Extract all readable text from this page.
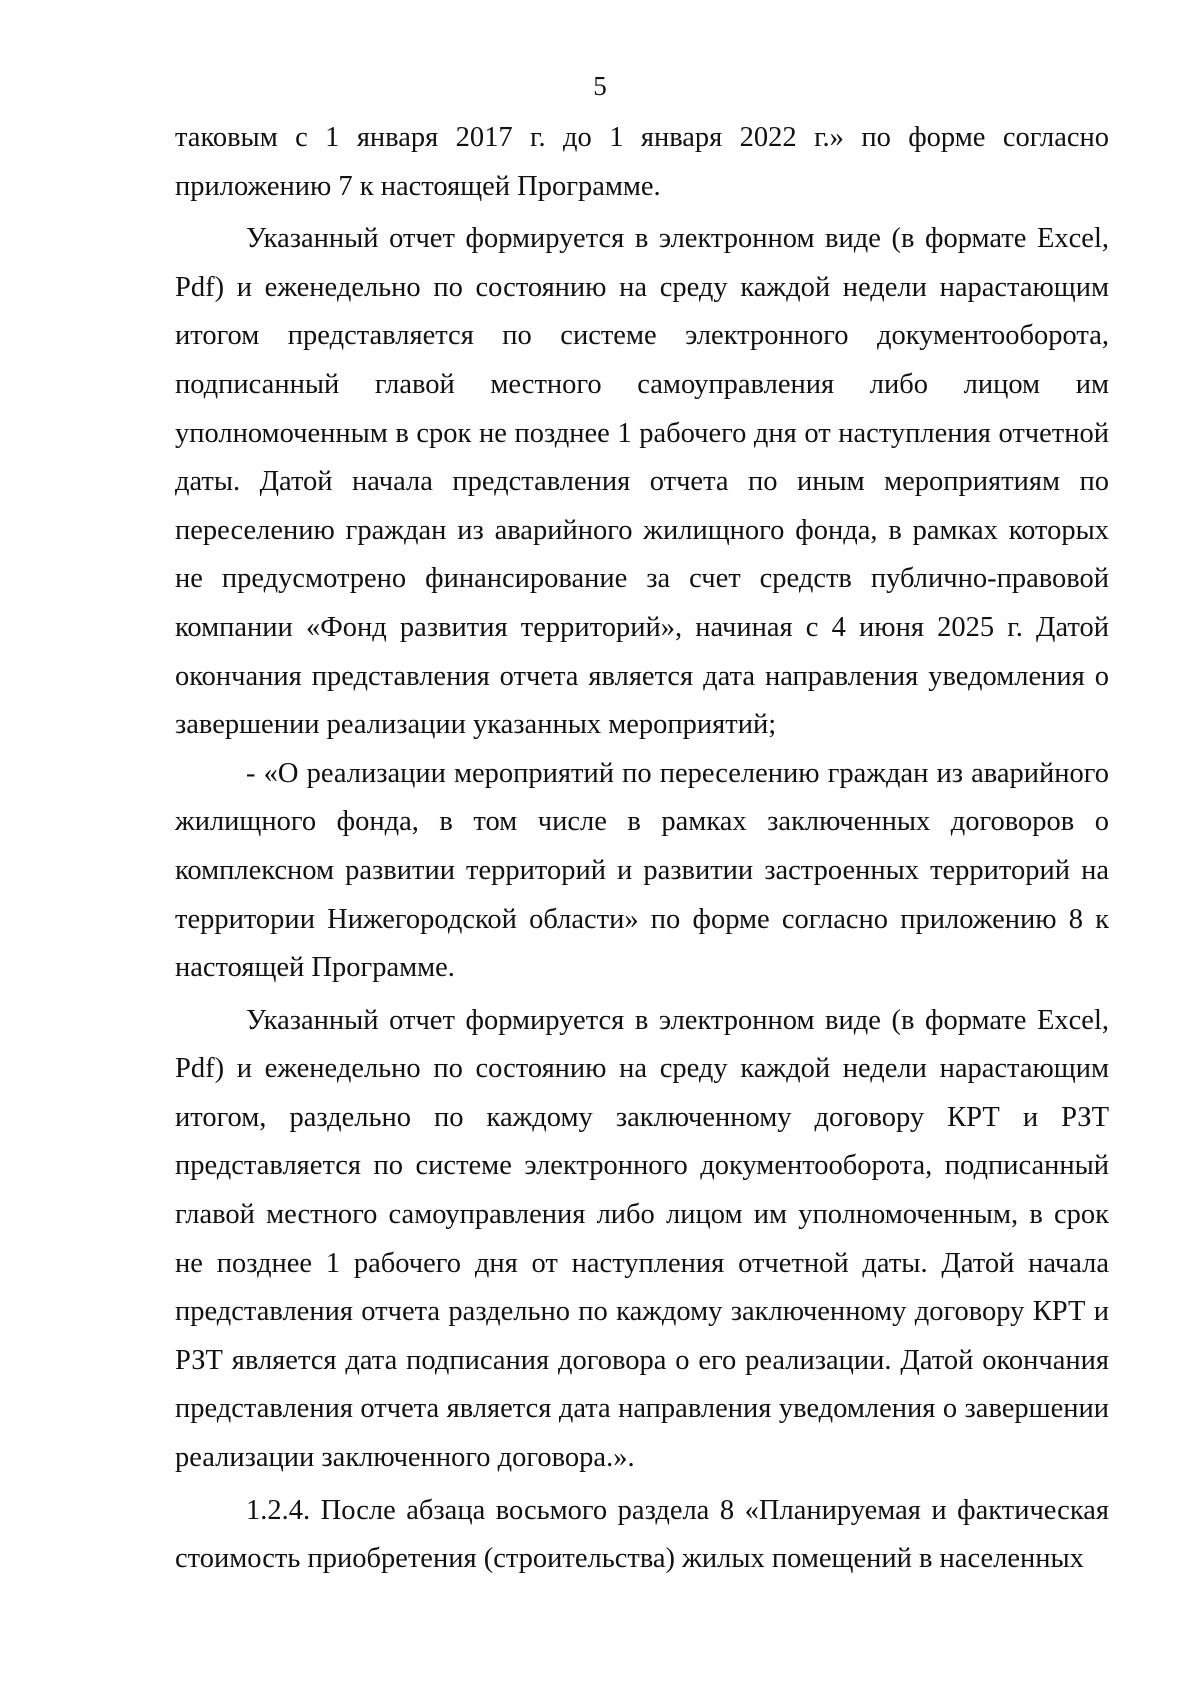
5

таковым с 1 января 2017 г. до 1 января 2022 г.» по форме согласно приложению 7 к настоящей Программе.

Указанный отчет формируется в электронном виде (в формате Excel, Pdf) и еженедельно по состоянию на среду каждой недели нарастающим итогом представляется по системе электронного документооборота, подписанный главой местного самоуправления либо лицом им уполномоченным в срок не позднее 1 рабочего дня от наступления отчетной даты. Датой начала представления отчета по иным мероприятиям по переселению граждан из аварийного жилищного фонда, в рамках которых не предусмотрено финансирование за счет средств публично-правовой компании «Фонд развития территорий», начиная с 4 июня 2025 г. Датой окончания представления отчета является дата направления уведомления о завершении реализации указанных мероприятий;

- «О реализации мероприятий по переселению граждан из аварийного жилищного фонда, в том числе в рамках заключенных договоров о комплексном развитии территорий и развитии застроенных территорий на территории Нижегородской области» по форме согласно приложению 8 к настоящей Программе.

Указанный отчет формируется в электронном виде (в формате Excel, Pdf) и еженедельно по состоянию на среду каждой недели нарастающим итогом, раздельно по каждому заключенному договору КРТ и РЗТ представляется по системе электронного документооборота, подписанный главой местного самоуправления либо лицом им уполномоченным, в срок не позднее 1 рабочего дня от наступления отчетной даты. Датой начала представления отчета раздельно по каждому заключенному договору КРТ и РЗТ является дата подписания договора о его реализации. Датой окончания представления отчета является дата направления уведомления о завершении реализации заключенного договора.».

1.2.4. После абзаца восьмого раздела 8 «Планируемая и фактическая стоимость приобретения (строительства) жилых помещений в населенных
